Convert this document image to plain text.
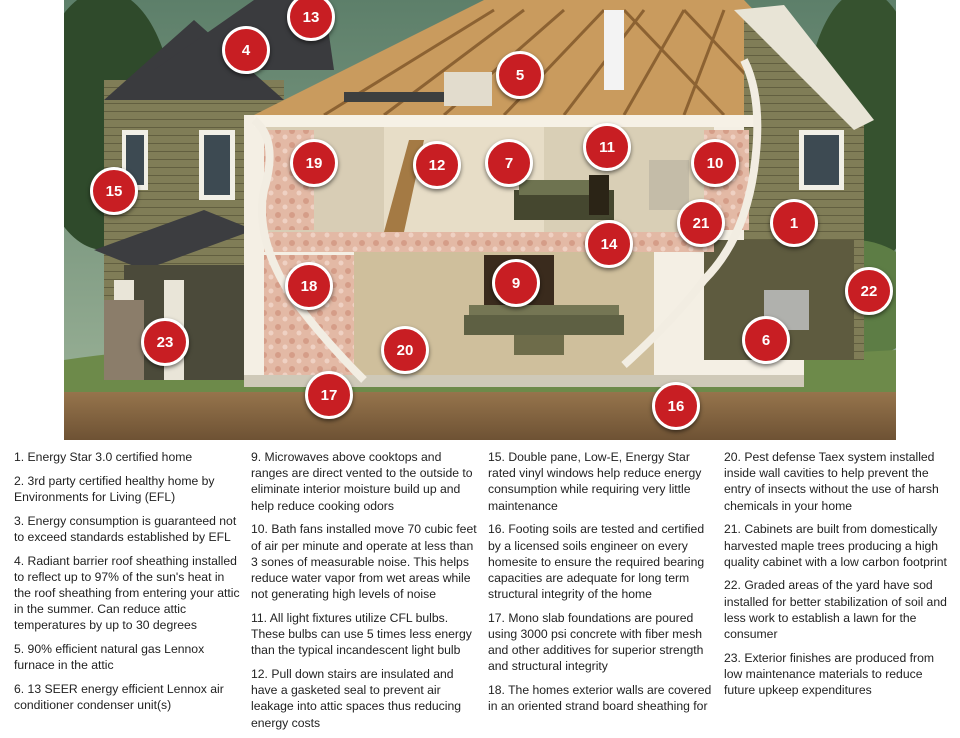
1
4
5
6
7
9
10
11
12
13
14
15
16
17
18
19
20
21
22
23
1. Energy Star 3.0 certified home
2. 3rd party certified healthy home by Environments for Living (EFL)
3. Energy consumption is guaranteed not to exceed standards established by EFL
4. Radiant barrier roof sheathing installed to reflect up to 97% of the sun's heat in the roof sheathing from entering your attic in the summer. Can reduce attic temperatures by up to 30 degrees
5. 90% efficient natural gas Lennox furnace in the attic
6. 13 SEER energy efficient Lennox air conditioner condenser unit(s)
9. Microwaves above cooktops and ranges are direct vented to the outside to eliminate interior moisture build up and help reduce cooking odors
10. Bath fans installed move 70 cubic feet of air per minute and operate at less than 3 sones of measurable noise. This helps reduce water vapor from wet areas while not generating high levels of noise
11. All light fixtures utilize CFL bulbs. These bulbs can use 5 times less energy than the typical incandescent light bulb
12. Pull down stairs are insulated and have a gasketed seal to prevent air leakage into attic spaces thus reducing energy costs
15. Double pane, Low-E, Energy Star rated vinyl windows help reduce energy consumption while requiring very little maintenance
16. Footing soils are tested and certified by a licensed soils engineer on every homesite to ensure the required bearing capacities are adequate for long term structural integrity of the home
17. Mono slab foundations are poured using 3000 psi concrete with fiber mesh and other additives for superior strength and structural integrity
18. The homes exterior walls are covered in an oriented strand board sheathing for
20. Pest defense Taex system installed inside wall cavities to help prevent the entry of insects without the use of harsh chemicals in your home
21. Cabinets are built from domestically harvested maple trees producing a high quality cabinet with a low carbon footprint
22. Graded areas of the yard have sod installed for better stabilization of soil and less work to establish a lawn for the consumer
23. Exterior finishes are produced from low maintenance materials to reduce future upkeep expenditures
